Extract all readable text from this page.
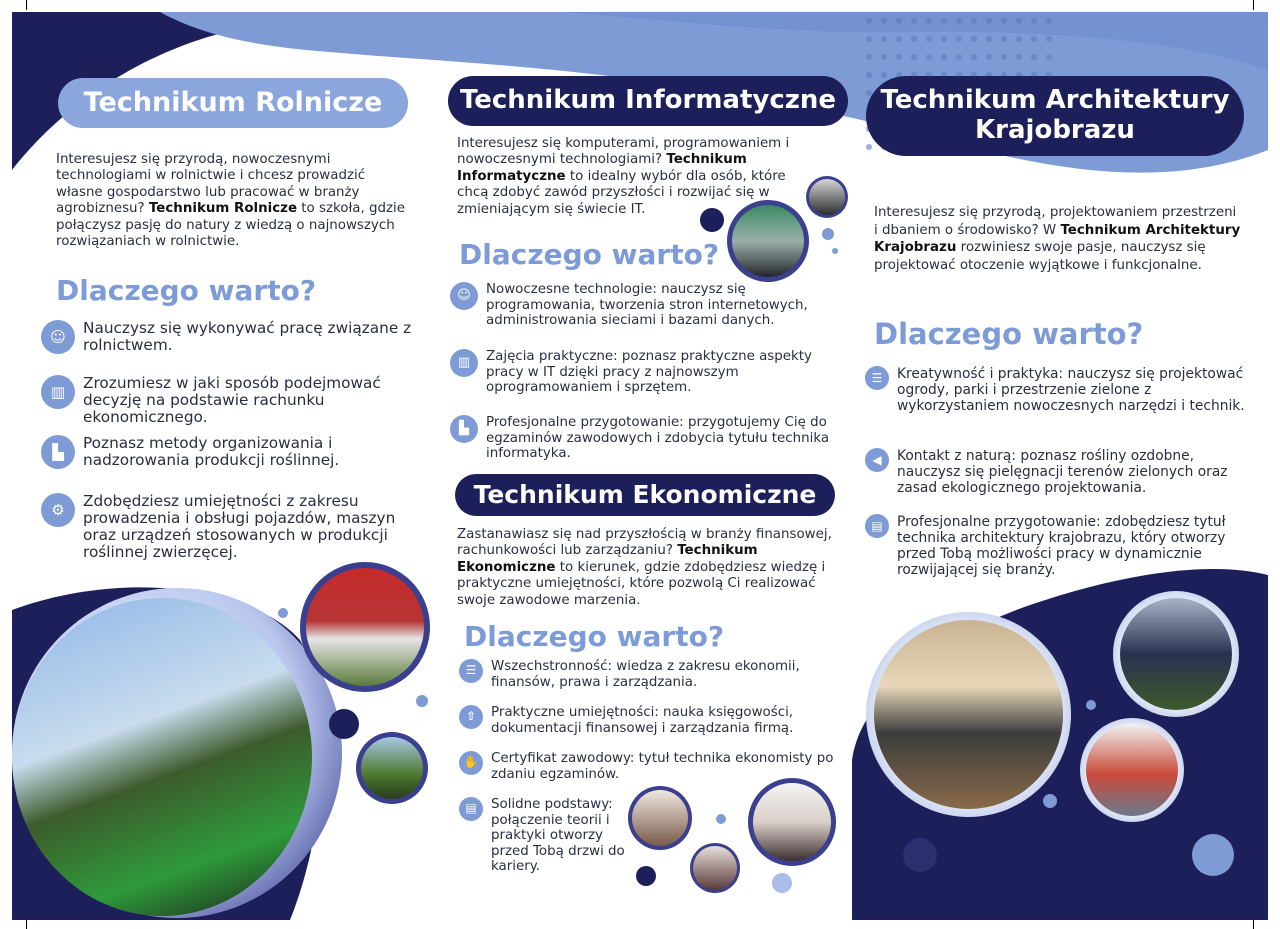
Technikum Rolnicze
Interesujesz się przyrodą, nowoczesnymi technologiami w rolnictwie i chcesz prowadzić własne gospodarstwo lub pracować w branży agrobiznesu? Technikum Rolnicze to szkoła, gdzie połączysz pasję do natury z wiedzą o najnowszych rozwiązaniach w rolnictwie.
Dlaczego warto?
☺	Nauczysz się wykonywać pracę związane z rolnictwem.
▥	Zrozumiesz w jaki sposób podejmować decyzję na podstawie rachunku ekonomicznego.
▙	Poznasz metody organizowania i nadzorowania produkcji roślinnej.
⚙	Zdobędziesz umiejętności z zakresu prowadzenia i obsługi pojazdów, maszyn oraz urządzeń stosowanych w produkcji roślinnej zwierzęcej.
Technikum Informatyczne
Interesujesz się komputerami, programowaniem i nowoczesnymi technologiami? Technikum Informatyczne to idealny wybór dla osób, które chcą zdobyć zawód przyszłości i rozwijać się w zmieniającym się świecie IT.
Dlaczego warto?
☺	Nowoczesne technologie: nauczysz się programowania, tworzenia stron internetowych, administrowania sieciami i bazami danych.
▥	Zajęcia praktyczne: poznasz praktyczne aspekty pracy w IT dzięki pracy z najnowszym oprogramowaniem i sprzętem.
▙	Profesjonalne przygotowanie: przygotujemy Cię do egzaminów zawodowych i zdobycia tytułu technika informatyka.
Technikum Ekonomiczne
Zastanawiasz się nad przyszłością w branży finansowej, rachunkowości lub zarządzaniu? Technikum Ekonomiczne to kierunek, gdzie zdobędziesz wiedzę i praktyczne umiejętności, które pozwolą Ci realizować swoje zawodowe marzenia.
Dlaczego warto?
☰	Wszechstronność: wiedza z zakresu ekonomii, finansów, prawa i zarządzania.
⇧	Praktyczne umiejętności: nauka księgowości, dokumentacji finansowej i zarządzania firmą.
✋ Certyfikat zawodowy: tytuł technika ekonomisty po zdaniu egzaminów.
▤	Solidne podstawy: połączenie teorii i praktyki otworzy przed Tobą drzwi do kariery.
Technikum Architektury Krajobrazu
Interesujesz się przyrodą, projektowaniem przestrzeni i dbaniem o środowisko? W Technikum Architektury Krajobrazu rozwiniesz swoje pasje, nauczysz się projektować otoczenie wyjątkowe i funkcjonalne.
Dlaczego warto?
☰	Kreatywność i praktyka: nauczysz się projektować ogrody, parki i przestrzenie zielone z wykorzystaniem nowoczesnych narzędzi i technik.
◀	Kontakt z naturą: poznasz rośliny ozdobne, nauczysz się pielęgnacji terenów zielonych oraz zasad ekologicznego projektowania.
▤	Profesjonalne przygotowanie: zdobędziesz tytuł technika architektury krajobrazu, który otworzy przed Tobą możliwości pracy w dynamicznie rozwijającej się branży.
